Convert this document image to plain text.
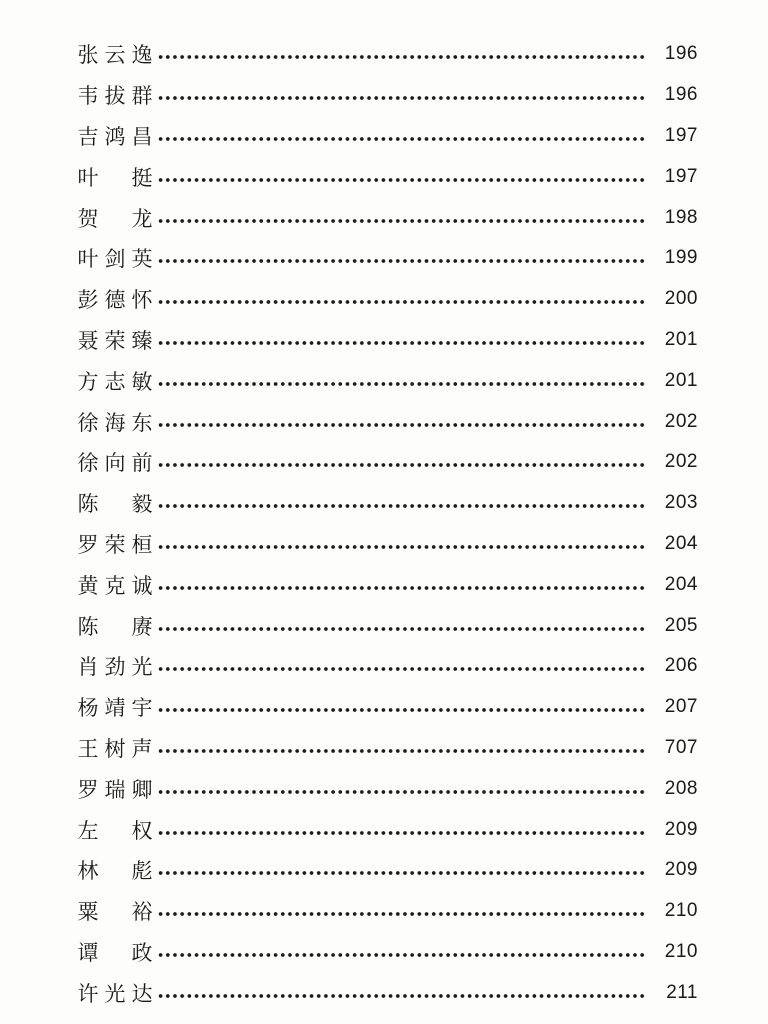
张 云 逸	196
韦 拔 群	196
吉 鸿 昌	197
叶 挺	197
贺 龙	198
叶 剑 英	199
彭 德 怀	200
聂 荣 臻	201
方 志 敏	201
徐 海 东	202
徐 向 前	202
陈 毅	203
罗 荣 桓	204
黄 克 诚	204
陈 赓	205
肖 劲 光	206
杨 靖 宇	207
王 树 声	707
罗 瑞 卿	208
左 权	209
林 彪	209
粟 裕	210
谭 政	210
许 光 达	211
